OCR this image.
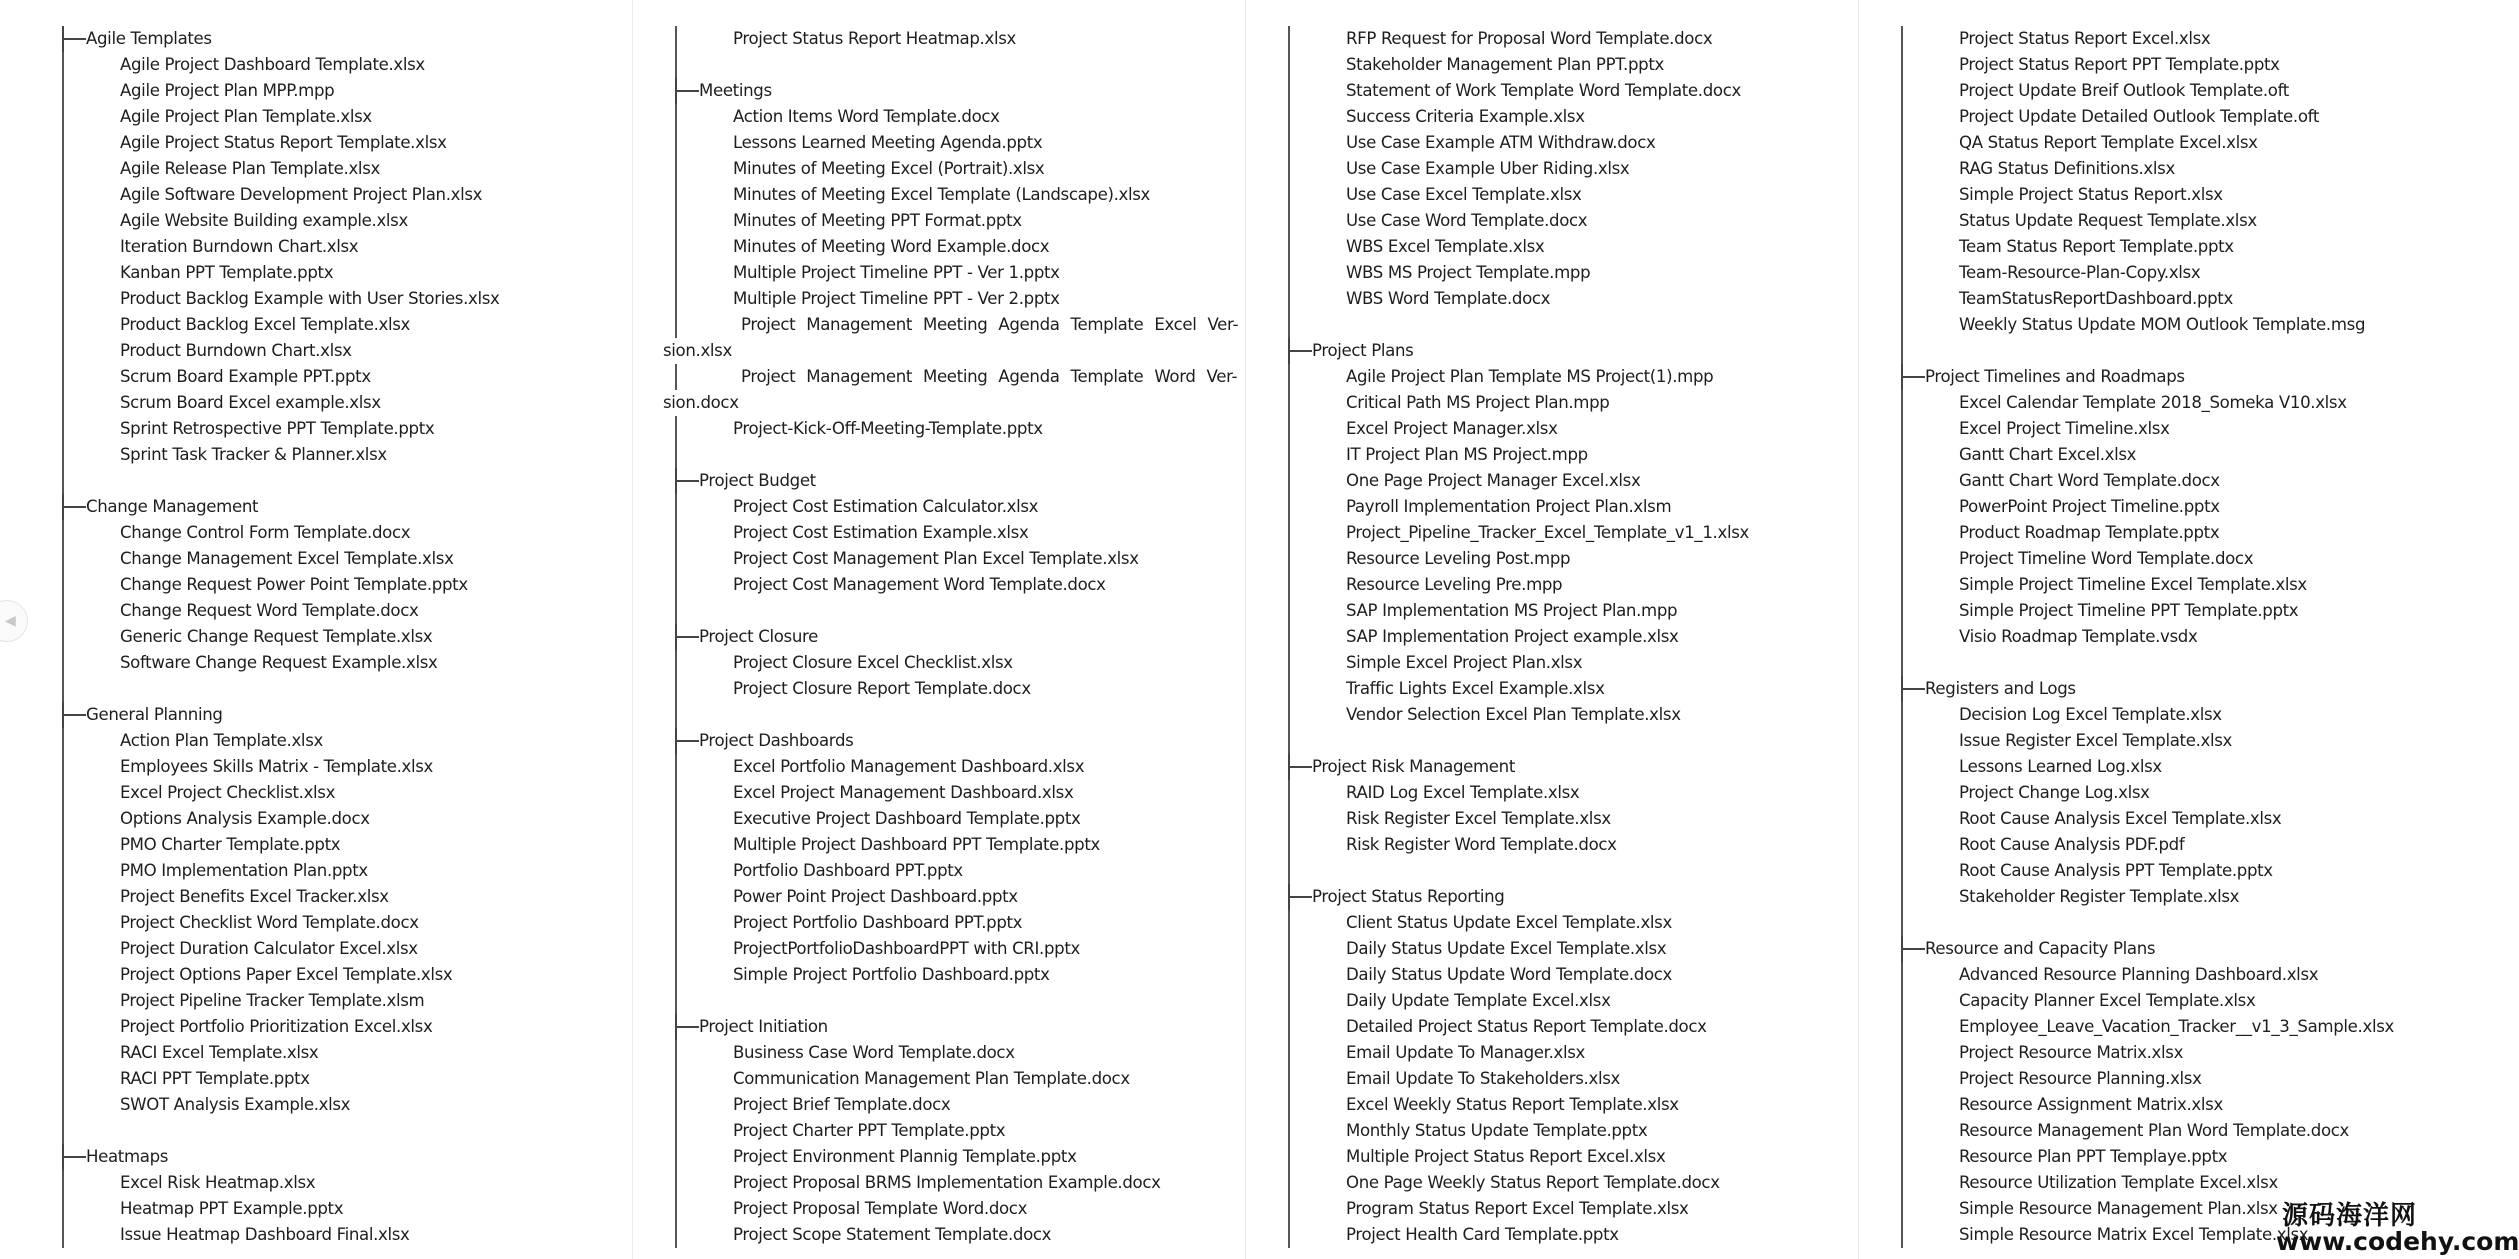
Agile Templates
Agile Project Dashboard Template.xlsx
Agile Project Plan MPP.mpp
Agile Project Plan Template.xlsx
Agile Project Status Report Template.xlsx
Agile Release Plan Template.xlsx
Agile Software Development Project Plan.xlsx
Agile Website Building example.xlsx
Iteration Burndown Chart.xlsx
Kanban PPT Template.pptx
Product Backlog Example with User Stories.xlsx
Product Backlog Excel Template.xlsx
Product Burndown Chart.xlsx
Scrum Board Example PPT.pptx
Scrum Board Excel example.xlsx
Sprint Retrospective PPT Template.pptx
Sprint Task Tracker & Planner.xlsx
Change Management
Change Control Form Template.docx
Change Management Excel Template.xlsx
Change Request Power Point Template.pptx
Change Request Word Template.docx
Generic Change Request Template.xlsx
Software Change Request Example.xlsx
General Planning
Action Plan Template.xlsx
Employees Skills Matrix - Template.xlsx
Excel Project Checklist.xlsx
Options Analysis Example.docx
PMO Charter Template.pptx
PMO Implementation Plan.pptx
Project Benefits Excel Tracker.xlsx
Project Checklist Word Template.docx
Project Duration Calculator Excel.xlsx
Project Options Paper Excel Template.xlsx
Project Pipeline Tracker Template.xlsm
Project Portfolio Prioritization Excel.xlsx
RACI Excel Template.xlsx
RACI PPT Template.pptx
SWOT Analysis Example.xlsx
Heatmaps
Excel Risk Heatmap.xlsx
Heatmap PPT Example.pptx
Issue Heatmap Dashboard Final.xlsx
Project Status Report Heatmap.xlsx
Meetings
Action Items Word Template.docx
Lessons Learned Meeting Agenda.pptx
Minutes of Meeting Excel (Portrait).xlsx
Minutes of Meeting Excel Template (Landscape).xlsx
Minutes of Meeting PPT Format.pptx
Minutes of Meeting Word Example.docx
Multiple Project Timeline PPT - Ver 1.pptx
Multiple Project Timeline PPT - Ver 2.pptx
Project Management Meeting Agenda Template Excel Ver-
sion.xlsx
Project Management Meeting Agenda Template Word Ver-
sion.docx
Project-Kick-Off-Meeting-Template.pptx
Project Budget
Project Cost Estimation Calculator.xlsx
Project Cost Estimation Example.xlsx
Project Cost Management Plan Excel Template.xlsx
Project Cost Management Word Template.docx
Project Closure
Project Closure Excel Checklist.xlsx
Project Closure Report Template.docx
Project Dashboards
Excel Portfolio Management Dashboard.xlsx
Excel Project Management Dashboard.xlsx
Executive Project Dashboard Template.pptx
Multiple Project Dashboard PPT Template.pptx
Portfolio Dashboard PPT.pptx
Power Point Project Dashboard.pptx
Project Portfolio Dashboard PPT.pptx
ProjectPortfolioDashboardPPT with CRI.pptx
Simple Project Portfolio Dashboard.pptx
Project Initiation
Business Case Word Template.docx
Communication Management Plan Template.docx
Project Brief Template.docx
Project Charter PPT Template.pptx
Project Environment Plannig Template.pptx
Project Proposal BRMS Implementation Example.docx
Project Proposal Template Word.docx
Project Scope Statement Template.docx
RFP Request for Proposal Word Template.docx
Stakeholder Management Plan PPT.pptx
Statement of Work Template Word Template.docx
Success Criteria Example.xlsx
Use Case Example ATM Withdraw.docx
Use Case Example Uber Riding.xlsx
Use Case Excel Template.xlsx
Use Case Word Template.docx
WBS Excel Template.xlsx
WBS MS Project Template.mpp
WBS Word Template.docx
Project Plans
Agile Project Plan Template MS Project(1).mpp
Critical Path MS Project Plan.mpp
Excel Project Manager.xlsx
IT Project Plan MS Project.mpp
One Page Project Manager Excel.xlsx
Payroll Implementation Project Plan.xlsm
Project_Pipeline_Tracker_Excel_Template_v1_1.xlsx
Resource Leveling Post.mpp
Resource Leveling Pre.mpp
SAP Implementation MS Project Plan.mpp
SAP Implementation Project example.xlsx
Simple Excel Project Plan.xlsx
Traffic Lights Excel Example.xlsx
Vendor Selection Excel Plan Template.xlsx
Project Risk Management
RAID Log Excel Template.xlsx
Risk Register Excel Template.xlsx
Risk Register Word Template.docx
Project Status Reporting
Client Status Update Excel Template.xlsx
Daily Status Update Excel Template.xlsx
Daily Status Update Word Template.docx
Daily Update Template Excel.xlsx
Detailed Project Status Report Template.docx
Email Update To Manager.xlsx
Email Update To Stakeholders.xlsx
Excel Weekly Status Report Template.xlsx
Monthly Status Update Template.pptx
Multiple Project Status Report Excel.xlsx
One Page Weekly Status Report Template.docx
Program Status Report Excel Template.xlsx
Project Health Card Template.pptx
Project Status Report Excel.xlsx
Project Status Report PPT Template.pptx
Project Update Breif Outlook Template.oft
Project Update Detailed Outlook Template.oft
QA Status Report Template Excel.xlsx
RAG Status Definitions.xlsx
Simple Project Status Report.xlsx
Status Update Request Template.xlsx
Team Status Report Template.pptx
Team-Resource-Plan-Copy.xlsx
TeamStatusReportDashboard.pptx
Weekly Status Update MOM Outlook Template.msg
Project Timelines and Roadmaps
Excel Calendar Template 2018_Someka V10.xlsx
Excel Project Timeline.xlsx
Gantt Chart Excel.xlsx
Gantt Chart Word Template.docx
PowerPoint Project Timeline.pptx
Product Roadmap Template.pptx
Project Timeline Word Template.docx
Simple Project Timeline Excel Template.xlsx
Simple Project Timeline PPT Template.pptx
Visio Roadmap Template.vsdx
Registers and Logs
Decision Log Excel Template.xlsx
Issue Register Excel Template.xlsx
Lessons Learned Log.xlsx
Project Change Log.xlsx
Root Cause Analysis Excel Template.xlsx
Root Cause Analysis PDF.pdf
Root Cause Analysis PPT Template.pptx
Stakeholder Register Template.xlsx
Resource and Capacity Plans
Advanced Resource Planning Dashboard.xlsx
Capacity Planner Excel Template.xlsx
Employee_Leave_Vacation_Tracker__v1_3_Sample.xlsx
Project Resource Matrix.xlsx
Project Resource Planning.xlsx
Resource Assignment Matrix.xlsx
Resource Management Plan Word Template.docx
Resource Plan PPT Templaye.pptx
Resource Utilization Template Excel.xlsx
Simple Resource Management Plan.xlsx
Simple Resource Matrix Excel Template.xlsx
◀
源码海洋网
www.codehy.com
